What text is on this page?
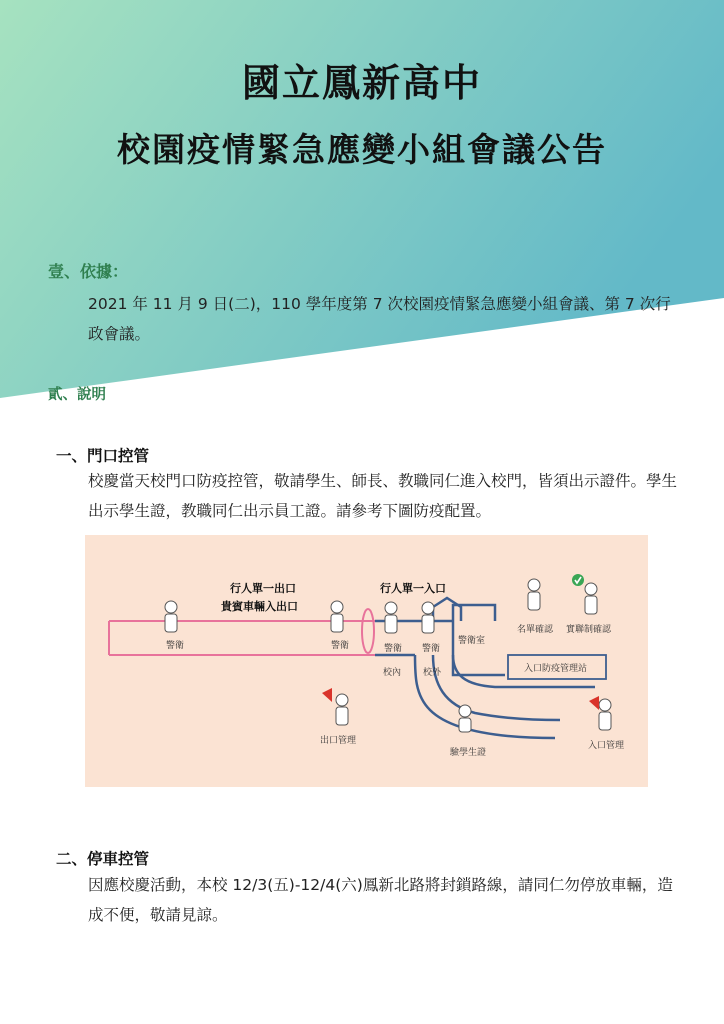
國立鳳新高中
校園疫情緊急應變小組會議公告
壹、依據：
2021 年 11 月 9 日(二)，110 學年度第 7 次校園疫情緊急應變小組會議、第 7 次行政會議。
貳、說明
一、門口控管
校慶當天校門口防疫控管，敬請學生、師長、教職同仁進入校門，皆須出示證件。學生出示學生證，教職同仁出示員工證。請參考下圖防疫配置。
行人單一出口
貴賓車輛入出口
行人單一入口
警衛	警衛	警衛 警衛
警衛室
校內 校外
名單確認 實聯制確認
入口防疫管理站
出口管理
驗學生證
入口管理
二、停車控管
因應校慶活動，本校 12/3(五)-12/4(六)鳳新北路將封鎖路線，請同仁勿停放車輛，造成不便，敬請見諒。
